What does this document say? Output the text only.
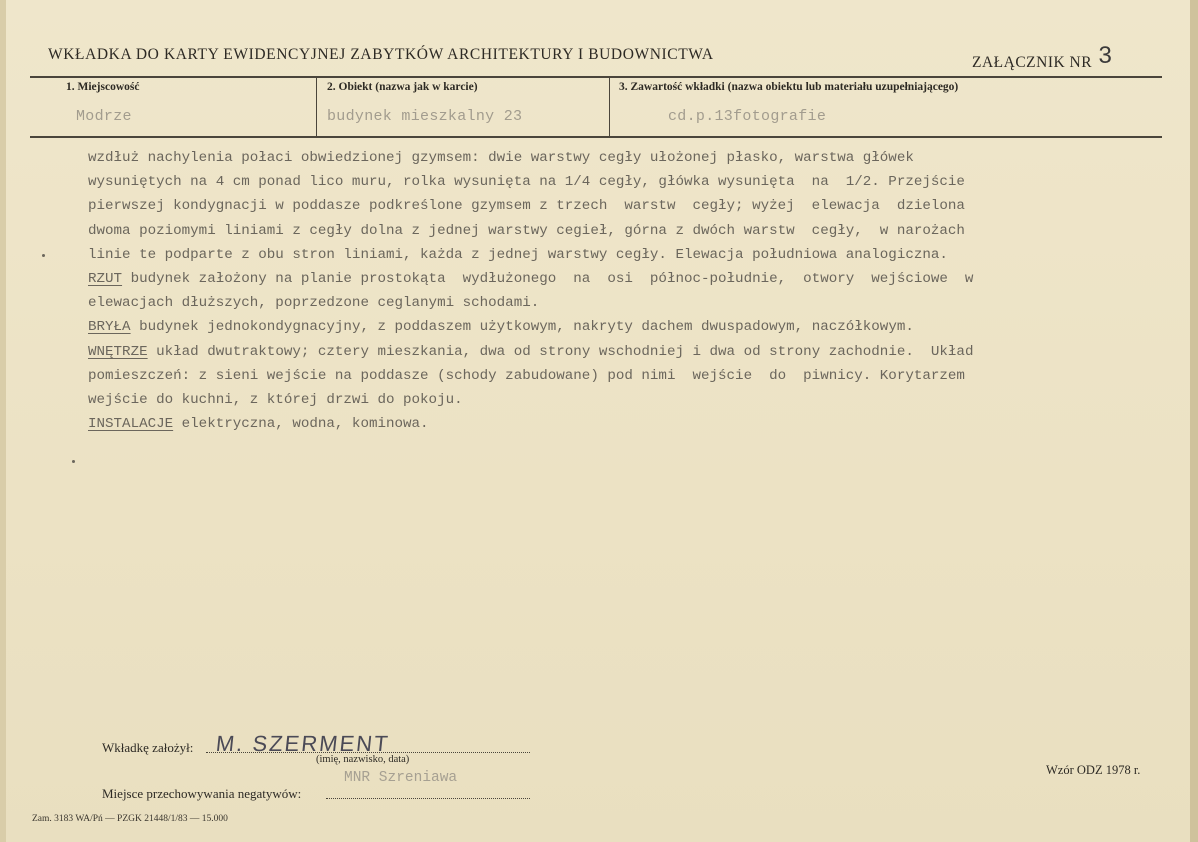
WKŁADKA DO KARTY EWIDENCYJNEJ ZABYTKÓW ARCHITEKTURY I BUDOWNICTWA	ZAŁĄCZNIK NR 3
1. Miejscowość
Modrze
2. Obiekt (nazwa jak w karcie)
budynek mieszkalny 23
3. Zawartość wkładki (nazwa obiektu lub materiału uzupełniającego)
cd.p.13fotografie
wzdłuż nachylenia połaci obwiedzionej gzymsem: dwie warstwy cegły ułożonej płasko, warstwa główek
wysuniętych na 4 cm ponad lico muru, rolka wysunięta na 1/4 cegły, główka wysunięta  na  1/2. Przejście
pierwszej kondygnacji w poddasze podkreślone gzymsem z trzech  warstw  cegły; wyżej  elewacja  dzielona
dwoma poziomymi liniami z cegły dolna z jednej warstwy cegieł, górna z dwóch warstw  cegły,  w narożach
linie te podparte z obu stron liniami, każda z jednej warstwy cegły. Elewacja południowa analogiczna.
RZUT budynek założony na planie prostokąta  wydłużonego  na  osi  północ-południe,  otwory  wejściowe  w
elewacjach dłuższych, poprzedzone ceglanymi schodami.
BRYŁA budynek jednokondygnacyjny, z poddaszem użytkowym, nakryty dachem dwuspadowym, naczółkowym.
WNĘTRZE układ dwutraktowy; cztery mieszkania, dwa od strony wschodniej i dwa od strony zachodnie.  Układ
pomieszczeń: z sieni wejście na poddasze (schody zabudowane) pod nimi  wejście  do  piwnicy. Korytarzem
wejście do kuchni, z której drzwi do pokoju.
INSTALACJE elektryczna, wodna, kominowa.
Wkładkę założył: M. SZERMENT
(imię, nazwisko, data)
MNR Szreniawa
Miejsce przechowywania negatywów:
Wzór ODZ 1978 r.
Zam. 3183 WA/Pń — PZGK 21448/1/83 — 15.000
